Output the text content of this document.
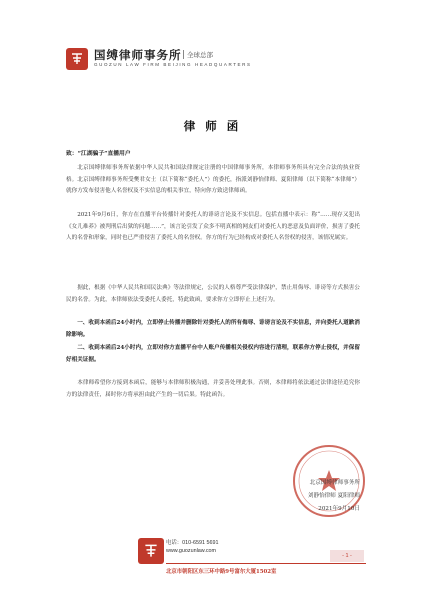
国缚律师事务所 全球总部
GUOZUN LAW FIRM BEIJING HEADQUARTERS
律 师 函
致：“江湖骗子”直播用户

北京国缚律师事务所依据中华人民共和国法律规定注册的中国律师事务所，本律师事务所具有完全合法的执业资格。北京国缚律师事务所受樊君女士（以下简称“委托人”）的委托，指派刘静怡律师、夏阳律师（以下简称“本律师”）就你方发布侵害他人名誉权及不实信息的相关事宜，特向你方致送律师函。

2021年9月6日，你方在直播平台传播针对委托人的诽谤言论及不实信息。包括直播中表示：称“……现存又犯出《女儿难养》被判刑后出狱的问题……”，该言论引发了众多不明真相的网友们对委托人的恶意及负面评价，损害了委托人的名誉和形象，同时也已严重侵害了委托人的名誉权。你方的行为已经构成对委托人名誉权的侵害，该情况属实。

据此，根据《中华人民共和国民法典》等法律规定，公民的人格尊严受法律保护，禁止用侮辱、诽谤等方式损害公民的名誉。为此，本律师依法受委托人委托，特此致函，要求你方立即停止上述行为。

一、收到本函后24小时内，立即停止传播并删除针对委托人的所有侮辱、诽谤言论及不实信息，并向委托人道歉消除影响。

二、收到本函后24小时内，立即对你方直播平台中人账户传播相关侵权内容进行清理，联系你方停止侵权，并保留好相关证据。

本律师希望你方接到本函后，能够与本律师积极沟通，并妥善处理此事。否则，本律师将依法通过法律途径追究你方的法律责任，届时你方将承担由此产生的一切后果。特此函告。

北京国缚律师事务所
刘静怡律师 夏阳律师
2021年9月10日
电话：010-6591 5691
www.guozunlaw.com
北京市朝阳区东三环中路9号富尔大厦1502室
- 1 -
